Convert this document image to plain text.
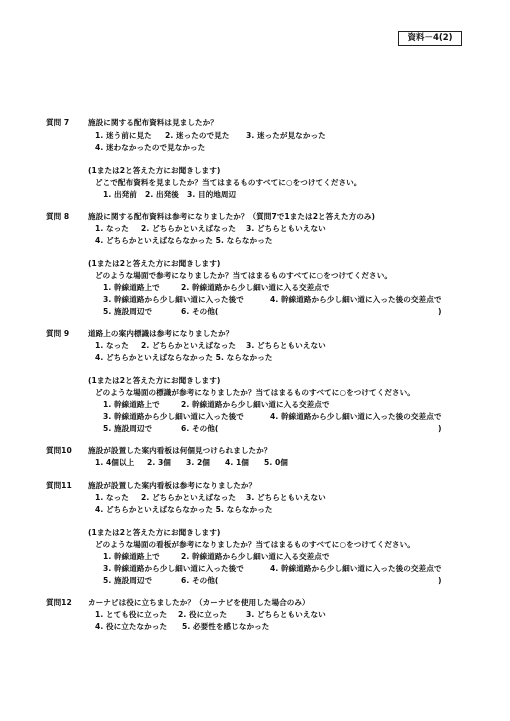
資料－4(2)
質問 7 施設に関する配布資料は見ましたか？
1. 迷う前に見た 2. 迷ったので見た 3. 迷ったが見なかった
4. 迷わなかったので見なかった
(1または2と答えた方にお聞きします)
どこで配布資料を見ましたか？当てはまるものすべてに○をつけてください。
1. 出発前 2. 出発後 3. 目的地周辺
質問 8 施設に関する配布資料は参考になりましたか？（質問7で1または2と答えた方のみ)
1. なった 2. どちらかといえばなった 3. どちらともいえない
4. どちらかといえばならなかった 5. ならなかった
(1または2と答えた方にお聞きします)
どのような場面で参考になりましたか？当てはまるものすべてに○をつけてください。
1. 幹線道路上で	2. 幹線道路から少し細い道に入る交差点で
3. 幹線道路から少し細い道に入った後で	4. 幹線道路から少し細い道に入った後の交差点で
5. 施設周辺で	6. その他(	)
質問 9 道路上の案内標識は参考になりましたか？
1. なった 2. どちらかといえばなった 3. どちらともいえない
4. どちらかといえばならなかった 5. ならなかった
(1または2と答えた方にお聞きします)
どのような場面の標識が参考になりましたか？当てはまるものすべてに○をつけてください。
1. 幹線道路上で	2. 幹線道路から少し細い道に入る交差点で
3. 幹線道路から少し細い道に入った後で	4. 幹線道路から少し細い道に入った後の交差点で
5. 施設周辺で	6. その他(	)
質問10 施設が設置した案内看板は何個見つけられましたか？
1. 4個以上 2. 3個 3. 2個 4. 1個 5. 0個
質問11 施設が設置した案内看板は参考になりましたか？
1. なった 2. どちらかといえばなった 3. どちらともいえない
4. どちらかといえばならなかった 5. ならなかった
(1または2と答えた方にお聞きします)
どのような場面の看板が参考になりましたか？当てはまるものすべてに○をつけてください。
1. 幹線道路上で	2. 幹線道路から少し細い道に入る交差点で
3. 幹線道路から少し細い道に入った後で	4. 幹線道路から少し細い道に入った後の交差点で
5. 施設周辺で	6. その他(	)
質問12 カーナビは役に立ちましたか？（カーナビを使用した場合のみ）
1. とても役に立った 2. 役に立った 3. どちらともいえない
4. 役に立たなかった 5. 必要性を感じなかった
